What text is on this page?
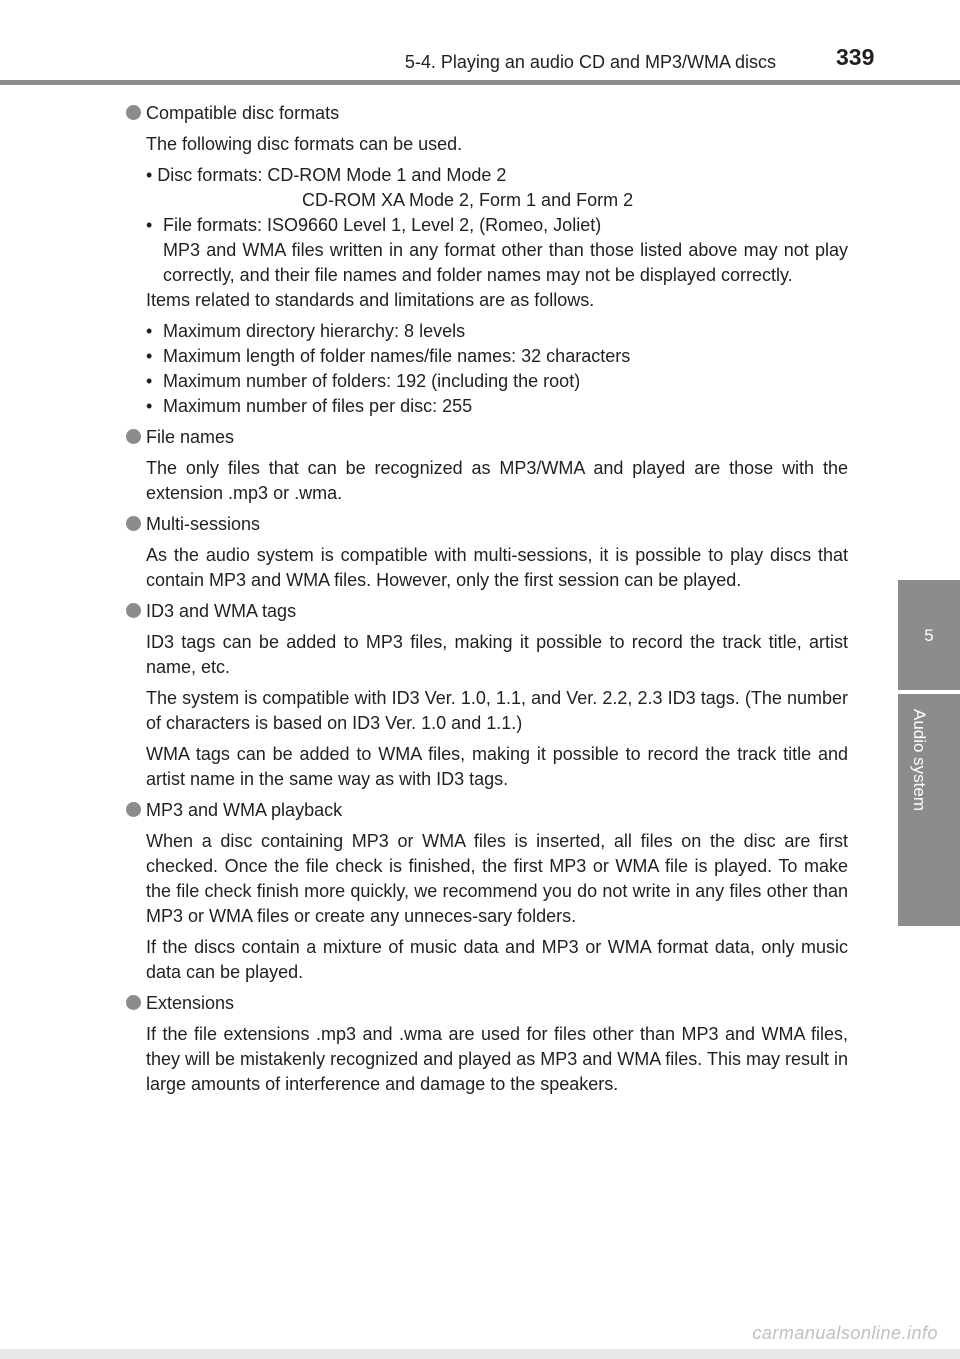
5-4. Playing an audio CD and MP3/WMA discs	339
5
Audio system
Compatible disc formats
The following disc formats can be used.
• Disc formats: CD-ROM Mode 1 and Mode 2
CD-ROM XA Mode 2, Form 1 and Form 2
• File formats: ISO9660 Level 1, Level 2, (Romeo, Joliet)
MP3 and WMA files written in any format other than those listed above may not play correctly, and their file names and folder names may not be displayed correctly.
Items related to standards and limitations are as follows.
• Maximum directory hierarchy: 8 levels
• Maximum length of folder names/file names: 32 characters
• Maximum number of folders: 192 (including the root)
• Maximum number of files per disc: 255
File names
The only files that can be recognized as MP3/WMA and played are those with the extension .mp3 or .wma.
Multi-sessions
As the audio system is compatible with multi-sessions, it is possible to play discs that contain MP3 and WMA files. However, only the first session can be played.
ID3 and WMA tags
ID3 tags can be added to MP3 files, making it possible to record the track title, artist name, etc.
The system is compatible with ID3 Ver. 1.0, 1.1, and Ver. 2.2, 2.3 ID3 tags. (The number of characters is based on ID3 Ver. 1.0 and 1.1.)
WMA tags can be added to WMA files, making it possible to record the track title and artist name in the same way as with ID3 tags.
MP3 and WMA playback
When a disc containing MP3 or WMA files is inserted, all files on the disc are first checked. Once the file check is finished, the first MP3 or WMA file is played. To make the file check finish more quickly, we recommend you do not write in any files other than MP3 or WMA files or create any unneces-sary folders.
If the discs contain a mixture of music data and MP3 or WMA format data, only music data can be played.
Extensions
If the file extensions .mp3 and .wma are used for files other than MP3 and WMA files, they will be mistakenly recognized and played as MP3 and WMA files. This may result in large amounts of interference and damage to the speakers.
carmanualsonline.info
